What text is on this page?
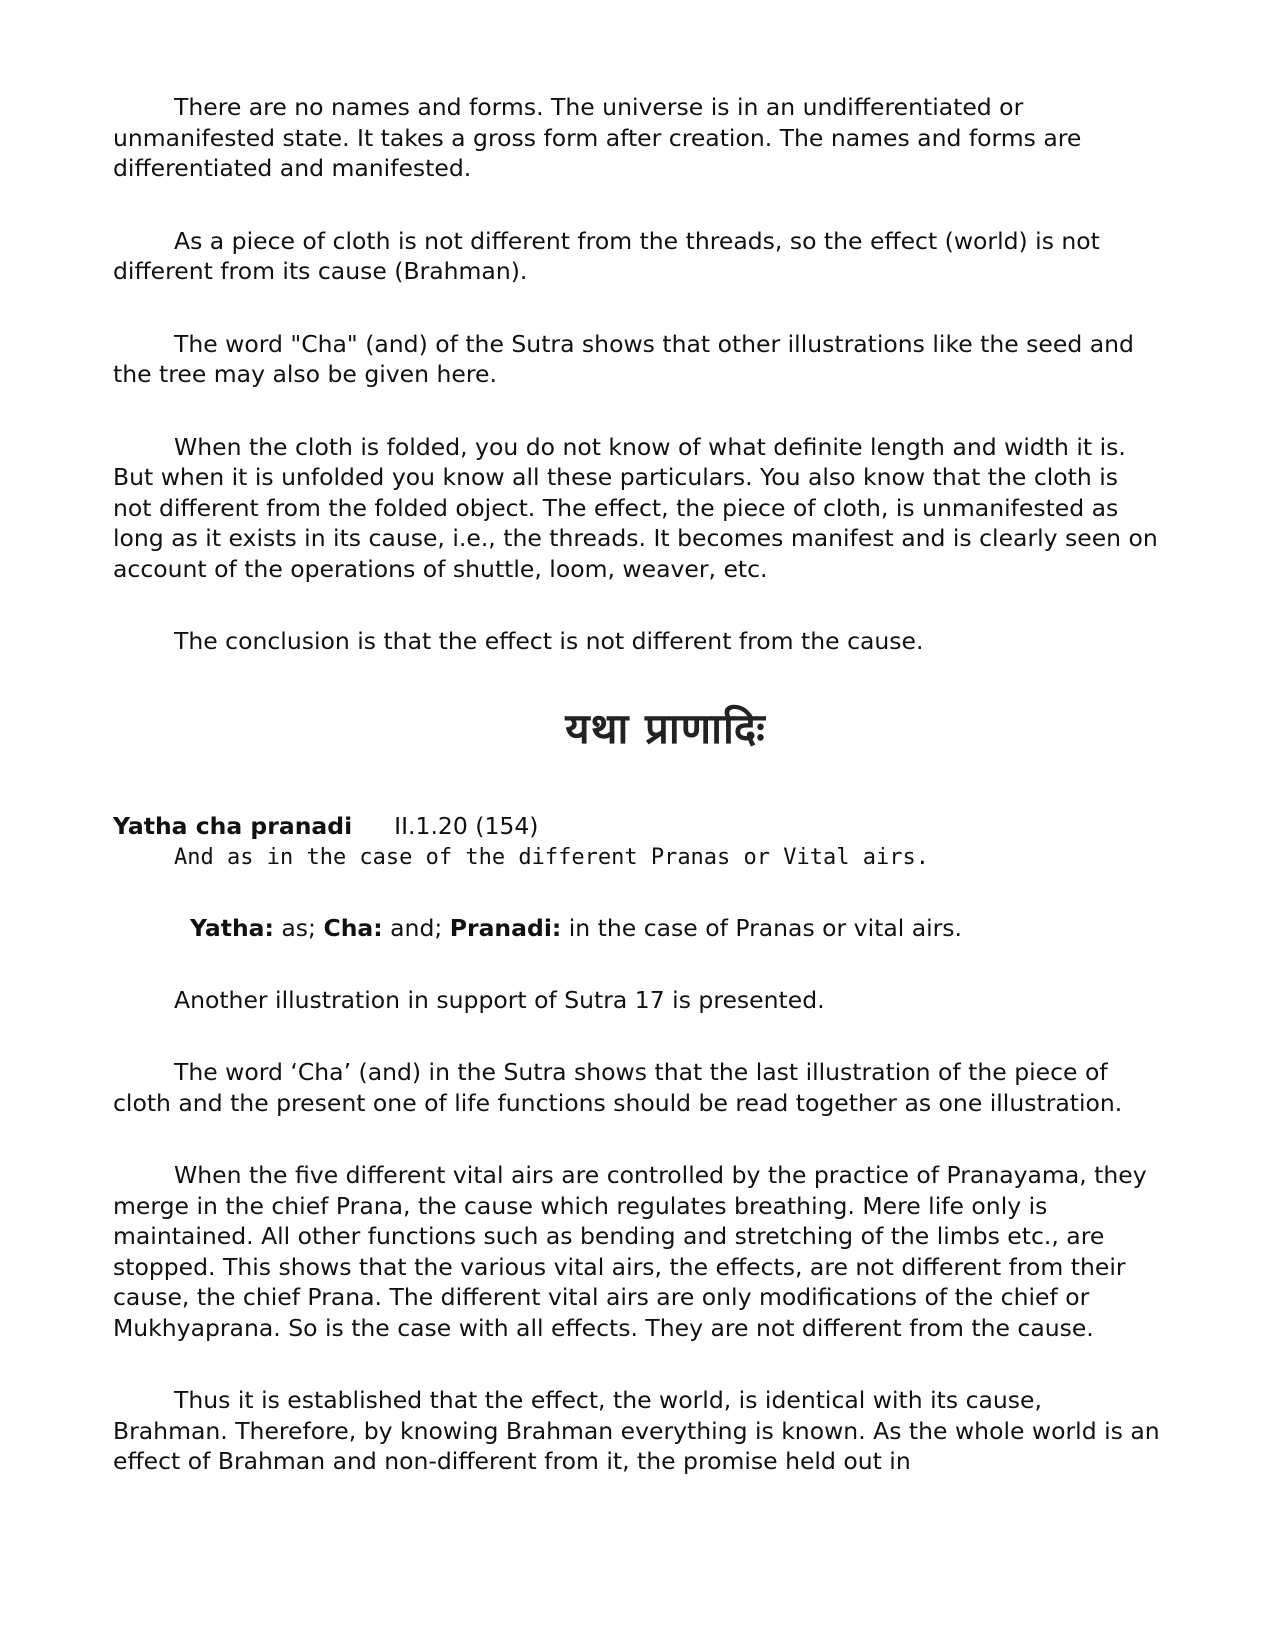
There are no names and forms. The universe is in an undifferentiated or unmanifested state. It takes a gross form after creation. The names and forms are differentiated and manifested.

As a piece of cloth is not different from the threads, so the effect (world) is not different from its cause (Brahman).

The word "Cha" (and) of the Sutra shows that other illustrations like the seed and the tree may also be given here.

When the cloth is folded, you do not know of what definite length and width it is. But when it is unfolded you know all these particulars. You also know that the cloth is not different from the folded object. The effect, the piece of cloth, is unmanifested as long as it exists in its cause, i.e., the threads. It becomes manifest and is clearly seen on account of the operations of shuttle, loom, weaver, etc.

The conclusion is that the effect is not different from the cause.

यथा प्राणादिः

Yatha cha pranadi II.1.20 (154)

And as in the case of the different Pranas or Vital airs.

Yatha: as; Cha: and; Pranadi: in the case of Pranas or vital airs.

Another illustration in support of Sutra 17 is presented.

The word ‘Cha’ (and) in the Sutra shows that the last illustration of the piece of cloth and the present one of life functions should be read together as one illustration.

When the five different vital airs are controlled by the practice of Pranayama, they merge in the chief Prana, the cause which regulates breathing. Mere life only is maintained. All other functions such as bending and stretching of the limbs etc., are stopped. This shows that the various vital airs, the effects, are not different from their cause, the chief Prana. The different vital airs are only modifications of the chief or Mukhyaprana. So is the case with all effects. They are not different from the cause.

Thus it is established that the effect, the world, is identical with its cause, Brahman. Therefore, by knowing Brahman everything is known. As the whole world is an effect of Brahman and non-different from it, the promise held out in
